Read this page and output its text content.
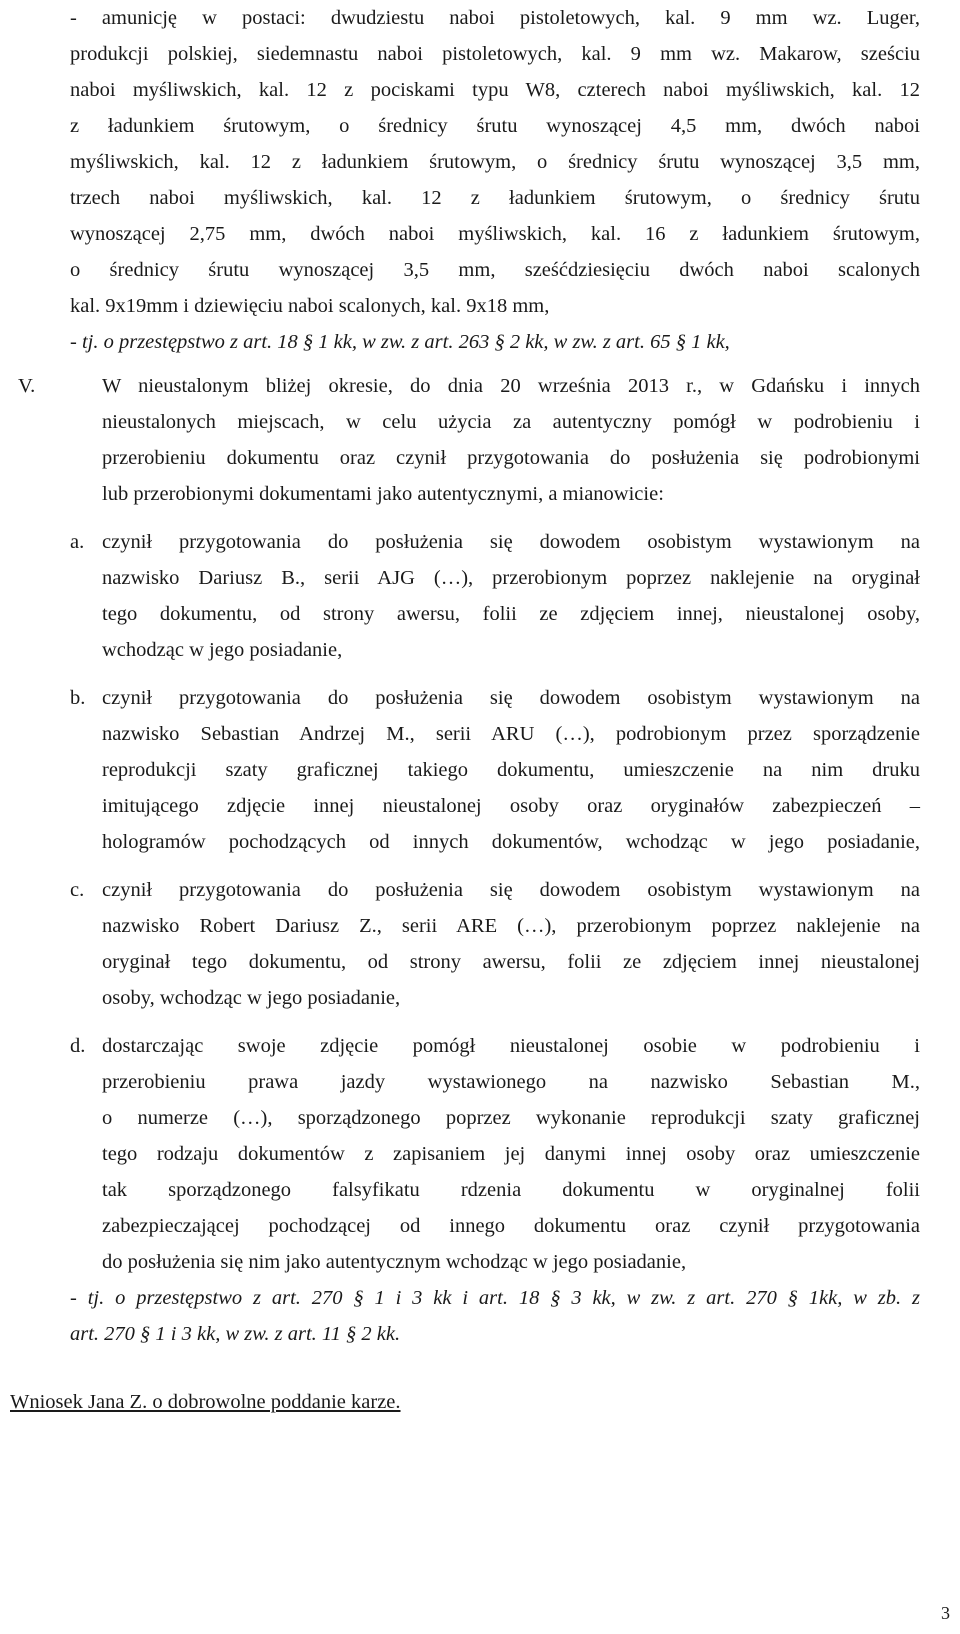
- amunicję w postaci: dwudziestu naboi pistoletowych, kal. 9 mm wz. Luger,
produkcji polskiej, siedemnastu naboi pistoletowych, kal. 9 mm wz. Makarow, sześciu
naboi myśliwskich, kal. 12 z pociskami typu W8, czterech naboi myśliwskich, kal. 12
z ładunkiem śrutowym, o średnicy śrutu wynoszącej 4,5 mm, dwóch naboi
myśliwskich, kal. 12 z ładunkiem śrutowym, o średnicy śrutu wynoszącej 3,5 mm,
trzech naboi myśliwskich, kal. 12 z ładunkiem śrutowym, o średnicy śrutu
wynoszącej 2,75 mm, dwóch naboi myśliwskich, kal. 16 z ładunkiem śrutowym,
o średnicy śrutu wynoszącej 3,5 mm, sześćdziesięciu dwóch naboi scalonych
kal. 9x19mm i dziewięciu naboi scalonych, kal. 9x18 mm,
- tj. o przestępstwo z art. 18 § 1 kk, w zw. z art. 263 § 2 kk, w zw. z art. 65 § 1 kk,
V.	W nieustalonym bliżej okresie, do dnia 20 września 2013 r., w Gdańsku i innych
nieustalonych miejscach, w celu użycia za autentyczny pomógł w podrobieniu i
przerobieniu dokumentu oraz czynił przygotowania do posłużenia się podrobionymi
lub przerobionymi dokumentami jako autentycznymi, a mianowicie:
a. czynił przygotowania do posłużenia się dowodem osobistym wystawionym na
nazwisko Dariusz B., serii AJG (…), przerobionym poprzez naklejenie na oryginał
tego dokumentu, od strony awersu, folii ze zdjęciem innej, nieustalonej osoby,
wchodząc w jego posiadanie,
b. czynił przygotowania do posłużenia się dowodem osobistym wystawionym na
nazwisko Sebastian Andrzej M., serii ARU (…), podrobionym przez sporządzenie
reprodukcji szaty graficznej takiego dokumentu, umieszczenie na nim druku
imitującego zdjęcie innej nieustalonej osoby oraz oryginałów zabezpieczeń –
hologramów pochodzących od innych dokumentów, wchodząc w jego posiadanie,
c. czynił przygotowania do posłużenia się dowodem osobistym wystawionym na
nazwisko Robert Dariusz Z., serii ARE (…), przerobionym poprzez naklejenie na
oryginał tego dokumentu, od strony awersu, folii ze zdjęciem innej nieustalonej
osoby, wchodząc w jego posiadanie,
d. dostarczając swoje zdjęcie pomógł nieustalonej osobie w podrobieniu i
przerobieniu prawa jazdy wystawionego na nazwisko Sebastian M.,
o numerze (…), sporządzonego poprzez wykonanie reprodukcji szaty graficznej
tego rodzaju dokumentów z zapisaniem jej danymi innej osoby oraz umieszczenie
tak sporządzonego falsyfikatu rdzenia dokumentu w oryginalnej folii
zabezpieczającej pochodzącej od innego dokumentu oraz czynił przygotowania
do posłużenia się nim jako autentycznym wchodząc w jego posiadanie,
- tj. o przestępstwo z art. 270 § 1 i 3 kk i art. 18 § 3 kk, w zw. z art. 270 § 1kk, w zb. z
art. 270 § 1 i 3 kk, w zw. z art. 11 § 2 kk.
Wniosek Jana Z. o dobrowolne poddanie karze.
3
